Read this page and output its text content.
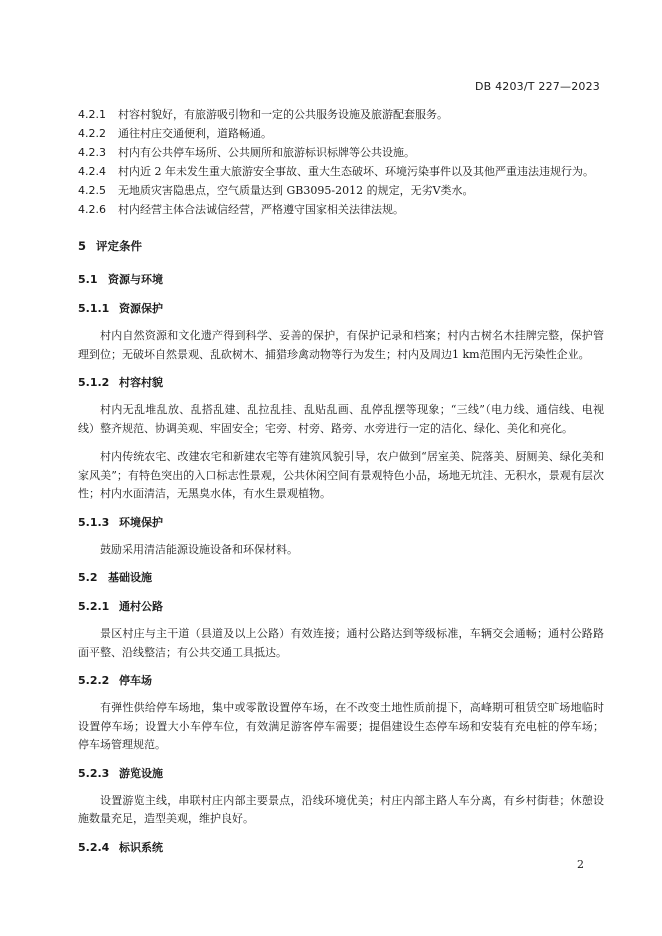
DB 4203/T 227—2023
4.2.1 村容村貌好，有旅游吸引物和一定的公共服务设施及旅游配套服务。
4.2.2 通往村庄交通便利，道路畅通。
4.2.3 村内有公共停车场所、公共厕所和旅游标识标牌等公共设施。
4.2.4 村内近 2 年未发生重大旅游安全事故、重大生态破坏、环境污染事件以及其他严重违法违规行为。
4.2.5 无地质灾害隐患点，空气质量达到 GB3095-2012 的规定，无劣Ⅴ类水。
4.2.6 村内经营主体合法诚信经营，严格遵守国家相关法律法规。
5 评定条件
5.1 资源与环境
5.1.1 资源保护

村内自然资源和文化遗产得到科学、妥善的保护，有保护记录和档案；村内古树名木挂牌完整，保护管理到位；无破坏自然景观、乱砍树木、捕猎珍禽动物等行为发生；村内及周边1 km范围内无污染性企业。

5.1.2 村容村貌

村内无乱堆乱放、乱搭乱建、乱拉乱挂、乱贴乱画、乱停乱摆等现象；“三线”（电力线、通信线、电视线）整齐规范、协调美观、牢固安全；宅旁、村旁、路旁、水旁进行一定的洁化、绿化、美化和亮化。

村内传统农宅、改建农宅和新建农宅等有建筑风貌引导，农户做到“居室美、院落美、厨厕美、绿化美和家风美”；有特色突出的入口标志性景观，公共休闲空间有景观特色小品，场地无坑洼、无积水，景观有层次性；村内水面清洁，无黑臭水体，有水生景观植物。

5.1.3 环境保护

鼓励采用清洁能源设施设备和环保材料。

5.2 基础设施
5.2.1 通村公路

景区村庄与主干道（县道及以上公路）有效连接；通村公路达到等级标准，车辆交会通畅；通村公路路面平整、沿线整洁；有公共交通工具抵达。

5.2.2 停车场

有弹性供给停车场地，集中或零散设置停车场，在不改变土地性质前提下，高峰期可租赁空旷场地临时设置停车场；设置大小车停车位，有效满足游客停车需要；提倡建设生态停车场和安装有充电桩的停车场；停车场管理规范。

5.2.3 游览设施

设置游览主线，串联村庄内部主要景点，沿线环境优美；村庄内部主路人车分离，有乡村街巷；休憩设施数量充足，造型美观，维护良好。

5.2.4 标识系统
2
